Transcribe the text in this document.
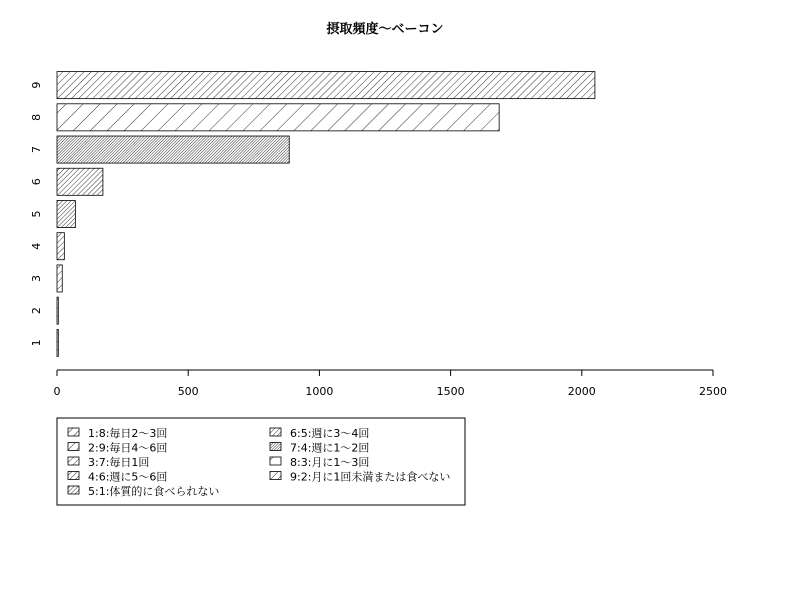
摂取頻度〜ベーコン
0	500	1000	1500	2000	2500
1
2
3
4
5
6
7
8
9
1:8:毎日2〜3回
2:9:毎日4〜6回
3:7:毎日1回
4:6:週に5〜6回
5:1:体質的に食べられない
6:5:週に3〜4回
7:4:週に1〜2回
8:3:月に1〜3回
9:2:月に1回未満または食べない
